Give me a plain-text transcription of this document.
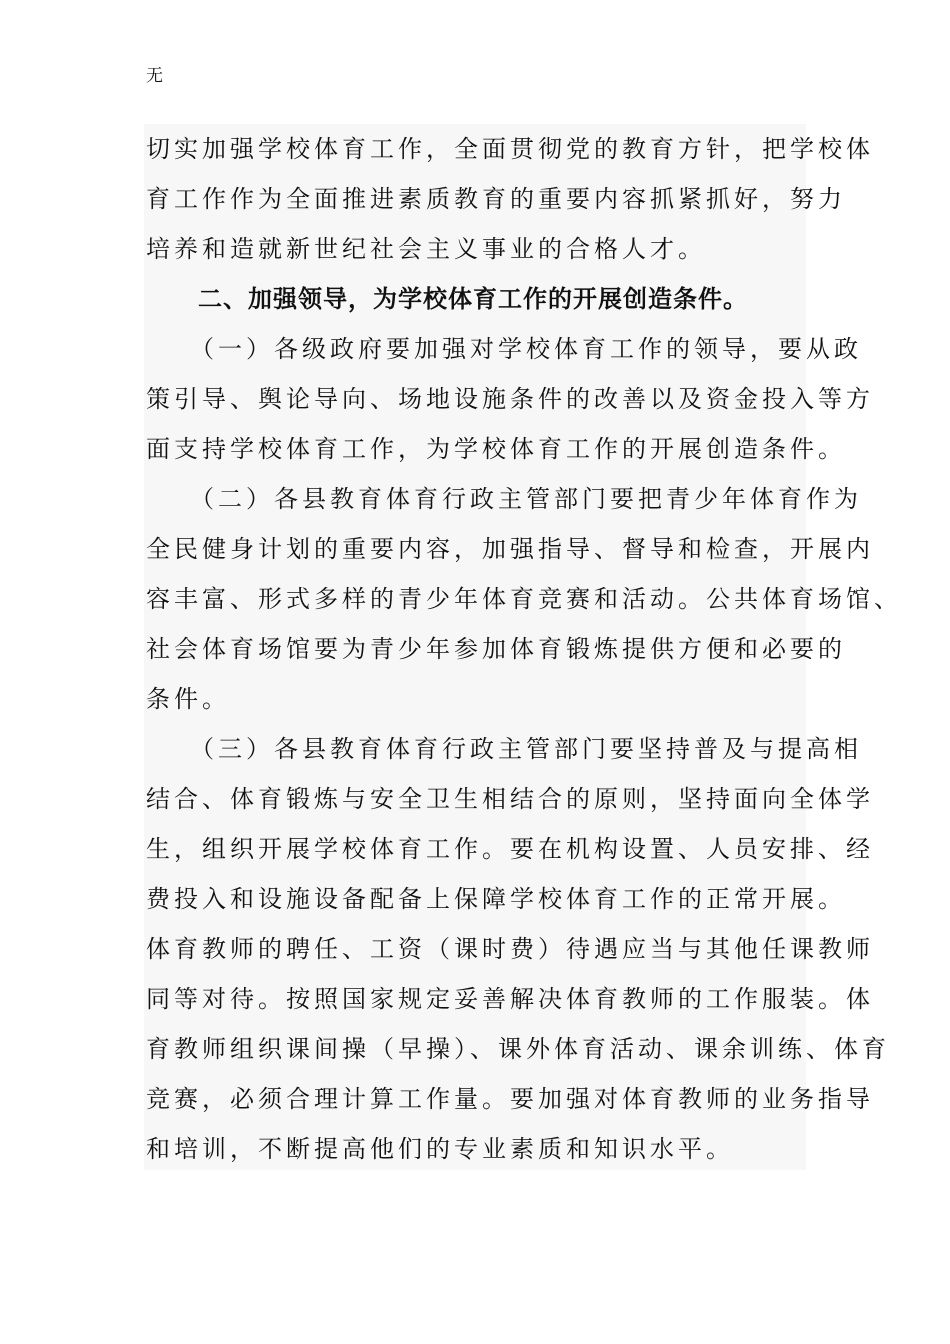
无
切实加强学校体育工作，全面贯彻党的教育方针，把学校体
育工作作为全面推进素质教育的重要内容抓紧抓好，努力
培养和造就新世纪社会主义事业的合格人才。
二、加强领导，为学校体育工作的开展创造条件。
（一）各级政府要加强对学校体育工作的领导，要从政
策引导、舆论导向、场地设施条件的改善以及资金投入等方
面支持学校体育工作，为学校体育工作的开展创造条件。
（二）各县教育体育行政主管部门要把青少年体育作为
全民健身计划的重要内容，加强指导、督导和检查，开展内
容丰富、形式多样的青少年体育竞赛和活动。公共体育场馆、
社会体育场馆要为青少年参加体育锻炼提供方便和必要的
条件。
（三）各县教育体育行政主管部门要坚持普及与提高相
结合、体育锻炼与安全卫生相结合的原则，坚持面向全体学
生，组织开展学校体育工作。要在机构设置、人员安排、经
费投入和设施设备配备上保障学校体育工作的正常开展。
体育教师的聘任、工资（课时费）待遇应当与其他任课教师
同等对待。按照国家规定妥善解决体育教师的工作服装。体
育教师组织课间操（早操）、课外体育活动、课余训练、体育
竞赛，必须合理计算工作量。要加强对体育教师的业务指导
和培训，不断提高他们的专业素质和知识水平。
